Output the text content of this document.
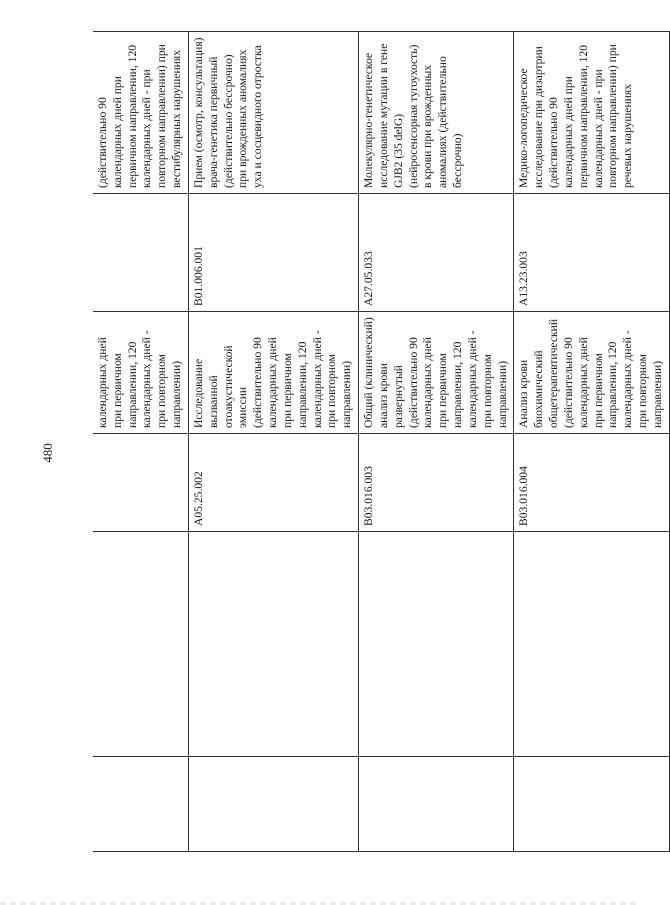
480
			календарных дней при первичном направлении, 120 календарных дней - при повторном направлении)		(действительно 90 календарных дней при первичном направлении, 120 календарных дней - при повторном направлении) при вестибулярных нарушениях
		A05.25.002	Исследование вызванной отоакустической эмиссии (действительно 90 календарных дней при первичном направлении, 120 календарных дней - при повторном направлении)	B01.006.001	Прием (осмотр, консультация) врача-генетика первичный (действительно бессрочно) при врожденных аномалиях уха и сосцевидного отростка
		B03.016.003	Общий (клинический) анализ крови развернутый (действительно 90 календарных дней при первичном направлении, 120 календарных дней - при повторном направлении)	A27.05.033	Молекулярно-генетическое исследование мутации в гене GJB2 (35 delG) (нейросенсорная тугоухость) в крови при врожденных аномалиях (действительно бессрочно)
		B03.016.004	Анализ крови биохимический общетерапевтический (действительно 90 календарных дней при первичном направлении, 120 календарных дней - при повторном направлении)	A13.23.003	Медико-логопедическое исследование при дизартрии (действительно 90 календарных дней при первичном направлении, 120 календарных дней - при повторном направлении) при речевых нарушениях
